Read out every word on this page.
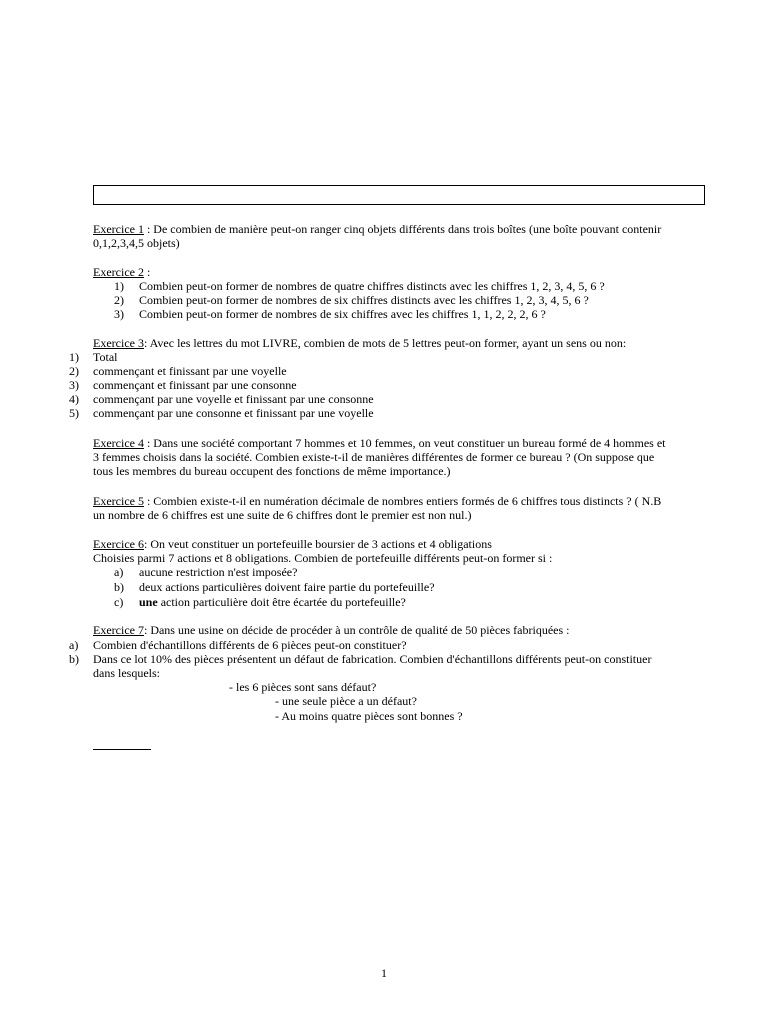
Exercice 1 : De combien de manière peut-on ranger cinq objets différents dans trois boîtes (une boîte pouvant contenir
0,1,2,3,4,5 objets)
Exercice 2 :
1) Combien peut-on former de nombres de quatre chiffres distincts avec les chiffres 1, 2, 3, 4, 5, 6 ?
2) Combien peut-on former de nombres de six chiffres distincts avec les chiffres 1, 2, 3, 4, 5, 6 ?
3) Combien peut-on former de nombres de six chiffres avec les chiffres 1, 1, 2, 2, 2, 6 ?
Exercice 3: Avec les lettres du mot LIVRE, combien de mots de 5 lettres peut-on former, ayant un sens ou non:
1) Total
2) commençant et finissant par une voyelle
3) commençant et finissant par une consonne
4) commençant par une voyelle et finissant par une consonne
5) commençant par une consonne et finissant par une voyelle
Exercice 4 : Dans une société comportant 7 hommes et 10 femmes, on veut constituer un bureau formé de 4 hommes et
3 femmes choisis dans la société. Combien existe-t-il de manières différentes de former ce bureau ? (On suppose que
tous les membres du bureau occupent des fonctions de même importance.)
Exercice 5 : Combien existe-t-il en numération décimale de nombres entiers formés de 6 chiffres tous distincts ? ( N.B
un nombre de 6 chiffres est une suite de 6 chiffres dont le premier est non nul.)
Exercice 6: On veut constituer un portefeuille boursier de 3 actions et 4 obligations
Choisies parmi 7 actions et 8 obligations. Combien de portefeuille différents peut-on former si :
a) aucune restriction n'est imposée?
b) deux actions particulières doivent faire partie du portefeuille?
c) une action particulière doit être écartée du portefeuille?
Exercice 7: Dans une usine on décide de procéder à un contrôle de qualité de 50 pièces fabriquées :
a) Combien d'échantillons différents de 6 pièces peut-on constituer?
b) Dans ce lot 10% des pièces présentent un défaut de fabrication. Combien d'échantillons différents peut-on constituer
dans lesquels:
- les 6 pièces sont sans défaut?
- une seule pièce a un défaut?
- Au moins quatre pièces sont bonnes ?
1
